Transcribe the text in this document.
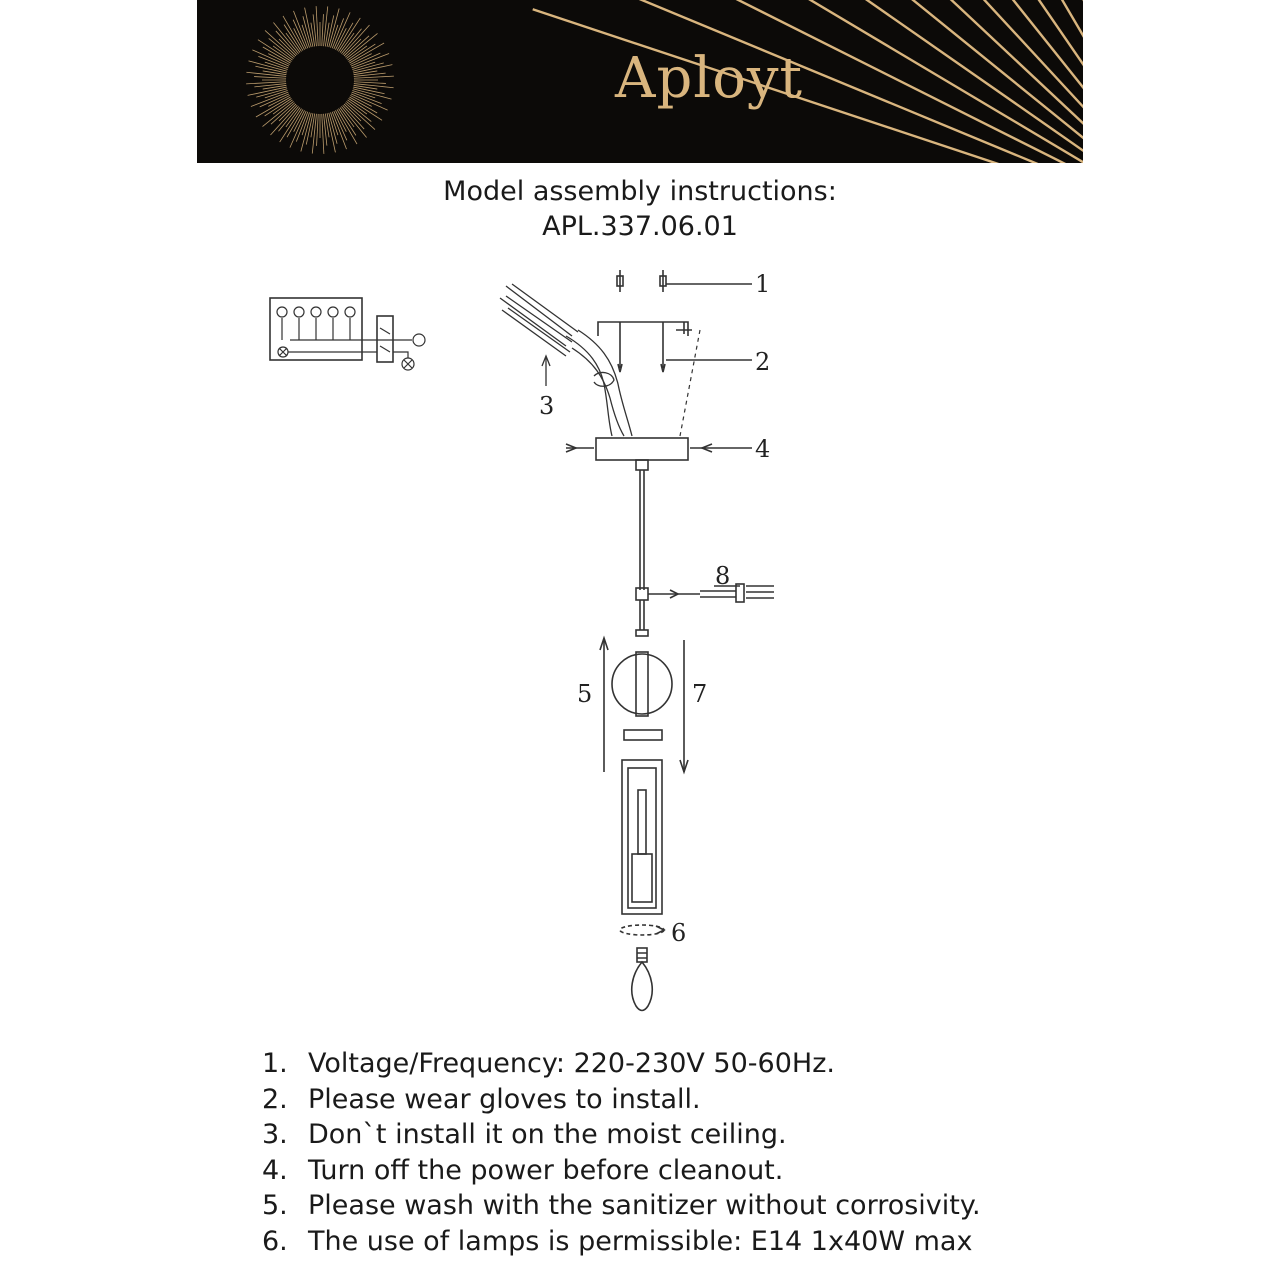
Aployt
Model assembly instructions:
APL.337.06.01
1
2
3
4
5
6
7
8
1. Voltage/Frequency: 220-230V 50-60Hz.
2. Please wear gloves to install.
3. Don`t install it on the moist ceiling.
4. Turn off the power before cleanout.
5. Please wash with the sanitizer without corrosivity.
6. The use of lamps is permissible: E14 1x40W max
